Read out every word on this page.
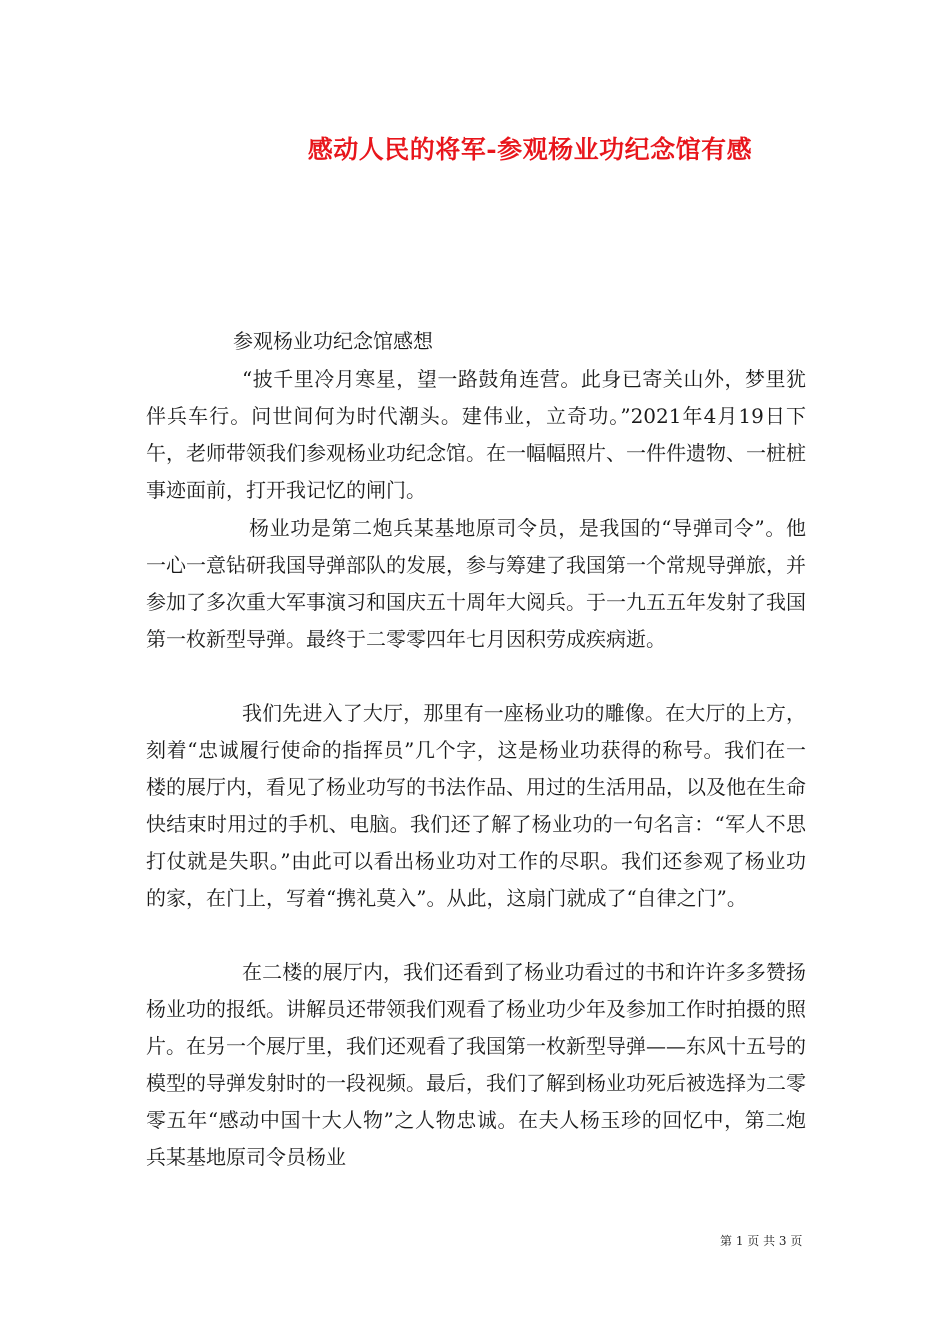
感动人民的将军-参观杨业功纪念馆有感
参观杨业功纪念馆感想
“披千里冷月寒星，望一路鼓角连营。此身已寄关山外，梦里犹伴兵车行。问世间何为时代潮头。建伟业，立奇功。”2021年4月19日下午，老师带领我们参观杨业功纪念馆。在一幅幅照片、一件件遗物、一桩桩事迹面前，打开我记忆的闸门。
杨业功是第二炮兵某基地原司令员，是我国的“导弹司令”。他一心一意钻研我国导弹部队的发展，参与筹建了我国第一个常规导弹旅，并参加了多次重大军事演习和国庆五十周年大阅兵。于一九五五年发射了我国第一枚新型导弹。最终于二零零四年七月因积劳成疾病逝。
我们先进入了大厅，那里有一座杨业功的雕像。在大厅的上方，刻着“忠诚履行使命的指挥员”几个字，这是杨业功获得的称号。我们在一楼的展厅内，看见了杨业功写的书法作品、用过的生活用品，以及他在生命快结束时用过的手机、电脑。我们还了解了杨业功的一句名言：“军人不思打仗就是失职。”由此可以看出杨业功对工作的尽职。我们还参观了杨业功的家，在门上，写着“携礼莫入”。从此，这扇门就成了“自律之门”。
在二楼的展厅内，我们还看到了杨业功看过的书和许许多多赞扬杨业功的报纸。讲解员还带领我们观看了杨业功少年及参加工作时拍摄的照片。在另一个展厅里，我们还观看了我国第一枚新型导弹——东风十五号的模型的导弹发射时的一段视频。最后，我们了解到杨业功死后被选择为二零零五年“感动中国十大人物”之人物忠诚。在夫人杨玉珍的回忆中，第二炮兵某基地原司令员杨业
第 1 页 共 3 页
